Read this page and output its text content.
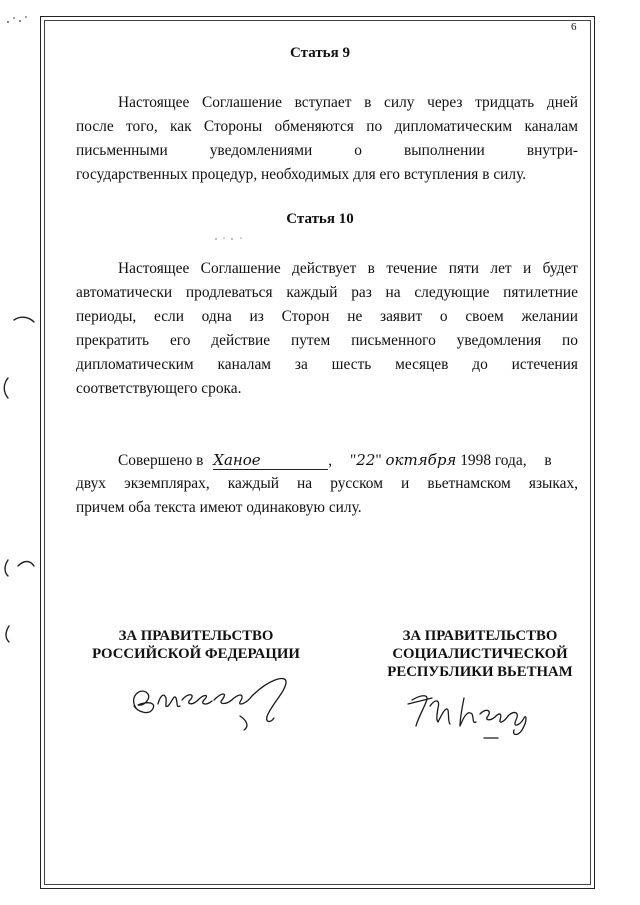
6
Статья 9
Настоящее Соглашение вступает в силу через тридцать дней
после того, как Стороны обменяются по дипломатическим каналам
письменными уведомлениями о выполнении внутри-
государственных процедур, необходимых для его вступления в силу.
Статья 10
Настоящее Соглашение действует в течение пяти лет и будет
автоматически продлеваться каждый раз на следующие пятилетние
периоды, если одна из Сторон не заявит о своем желании
прекратить его действие путем письменного уведомления по
дипломатическим каналам за шесть месяцев до истечения
соответствующего срока.
Совершено в Ханое	, "22" октября 1998 года, в
двух экземплярах, каждый на русском и вьетнамском языках,
причем оба текста имеют одинаковую силу.
ЗА ПРАВИТЕЛЬСТВО
РОССИЙСКОЙ ФЕДЕРАЦИИ
ЗА ПРАВИТЕЛЬСТВО
СОЦИАЛИСТИЧЕСКОЙ
РЕСПУБЛИКИ ВЬЕТНАМ
